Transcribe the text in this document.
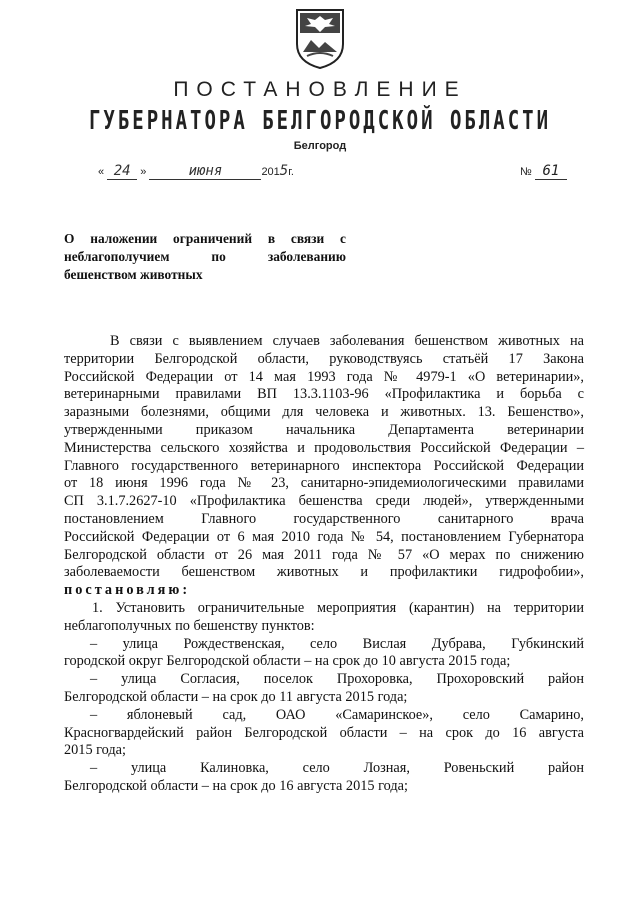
ПОСТАНОВЛЕНИЕ
ГУБЕРНАТОРА БЕЛГОРОДСКОЙ ОБЛАСТИ
Белгород
« 24 »	июня	2015г.	№ 61
О наложении ограничений в связи с
неблагополучием по заболеванию
бешенством животных
В связи с выявлением случаев заболевания бешенством животных на
территории Белгородской области, руководствуясь статьёй 17 Закона
Российской Федерации от 14 мая 1993 года № 4979-1 «О ветеринарии»,
ветеринарными правилами ВП 13.3.1103-96 «Профилактика и борьба с
заразными болезнями, общими для человека и животных. 13. Бешенство»,
утвержденными приказом начальника Департамента ветеринарии
Министерства сельского хозяйства и продовольствия Российской Федерации –
Главного государственного ветеринарного инспектора Российской Федерации
от 18 июня 1996 года № 23, санитарно-эпидемиологическими правилами
СП 3.1.7.2627-10 «Профилактика бешенства среди людей», утвержденными
постановлением Главного государственного санитарного врача
Российской Федерации от 6 мая 2010 года № 54, постановлением Губернатора
Белгородской области от 26 мая 2011 года № 57 «О мерах по снижению
заболеваемости бешенством животных и профилактики гидрофобии»,
постановляю:
1. Установить ограничительные мероприятия (карантин) на территории
неблагополучных по бешенству пунктов:
– улица Рождественская, село Вислая Дубрава, Губкинский
городской округ Белгородской области – на срок до 10 августа 2015 года;
– улица Согласия, поселок Прохоровка, Прохоровский район
Белгородской области – на срок до 11 августа 2015 года;
– яблоневый сад, ОАО «Самаринское», село Самарино,
Красногвардейский район Белгородской области – на срок до 16 августа
2015 года;
– улица Калиновка, село Лозная, Ровеньский район
Белгородской области – на срок до 16 августа 2015 года;
